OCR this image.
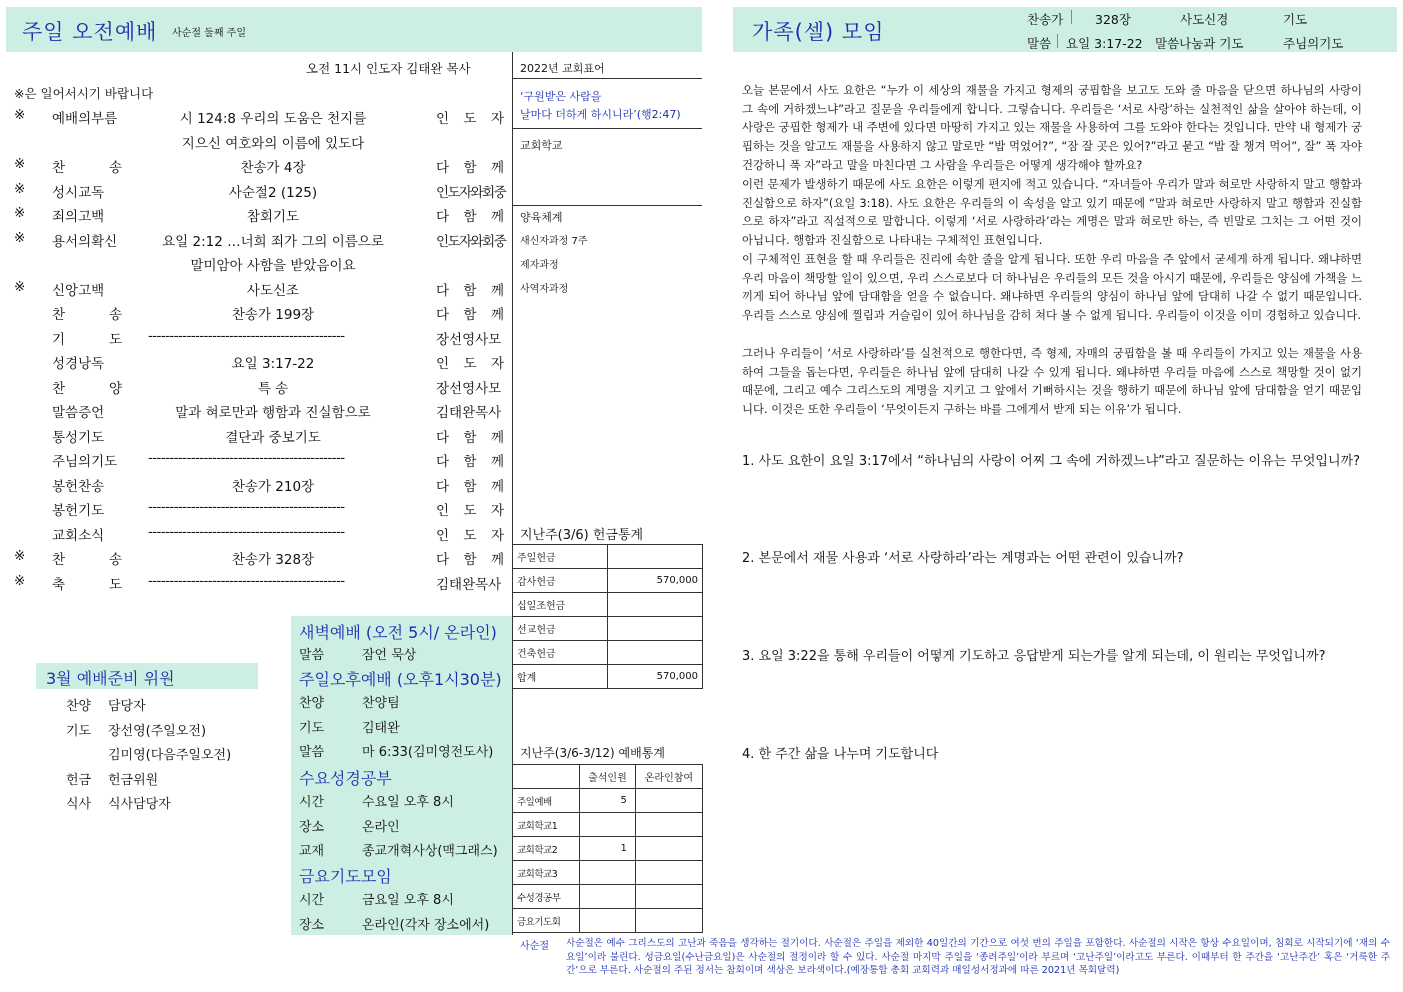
주일 오전예배 사순절 둘째 주일
오전 11시 인도자 김태완 목사
※은 일어서시기 바랍니다
※ 예배의부름	시 124:8 우리의 도움은 천지를	인 도 자
지으신 여호와의 이름에 있도다
※ 찬 송	찬송가 4장	다 함 께
※ 성시교독	사순절2 (125)	인도자와회중
※ 죄의고백	참회기도	다 함 께
※ 용서의확신	요일 2:12 …너희 죄가 그의 이름으로	인도자와회중
말미암아 사함을 받았음이요
※ 신앙고백	사도신조	다 함 께
찬 송	찬송가 199장	다 함 께
기 도 ----------------------------------------------	장선영사모
성경낭독	요일 3:17-22	인 도 자
찬 양	특 송	장선영사모
말씀증언	말과 혀로만과 행함과 진실함으로	김태완목사
통성기도	결단과 중보기도	다 함 께
주님의기도	----------------------------------------------	다 함 께
봉헌찬송	찬송가 210장	다 함 께
봉헌기도	----------------------------------------------	인 도 자
교회소식	----------------------------------------------	인 도 자
※ 찬 송	찬송가 328장	다 함 께
※ 축 도 ----------------------------------------------	김태완목사
2022년 교회표어
‘구원받은 사람을
날마다 더하게 하시니라’(행2:47)
교회학교
양육체계
새신자과정 7주
제자과정
사역자과정
지난주(3/6) 헌금통계
주일헌금	
감사헌금	570,000
십일조헌금	
선교헌금	
건축헌금	
합계	570,000
지난주(3/6-3/12) 예배통계
	출석인원	온라인참여
주일예배	5	
교회학교1		
교회학교2	1	
교회학교3		
수성경공부		
금요기도회		
새벽예배 (오전 5시/ 온라인)
말씀	잠언 묵상
주일오후예배 (오후1시30분)
찬양	찬양팀
기도	김태완
말씀	마 6:33(김미영전도사)
시간	수요일 오후 8시
장소	온라인
교재	종교개혁사상(맥그래스)
시간	금요일 오후 8시
장소	온라인(각자 장소에서)
수요성경공부
금요기도모임
3월 예배준비 위원
찬양 담당자
기도 장선영(주일오전)
김미영(다음주일오전)
헌금 헌금위원
식사 식사담당자
가족(셀) 모임
찬송가	328장	사도신경	기도
말씀 요일 3:17-22 말씀나눔과 기도	주님의기도
오늘 본문에서 사도 요한은 “누가 이 세상의 재물을 가지고 형제의 궁핍함을 보고도 도와 줄 마음을 닫으면 하나님의 사랑이 그 속에 거하겠느냐”라고 질문을 우리들에게 합니다. 그렇습니다. 우리들은 ‘서로 사랑’하는 실천적인 삶을 살아야 하는데, 이 사랑은 궁핍한 형제가 내 주변에 있다면 마땅히 가지고 있는 재물을 사용하여 그를 도와야 한다는 것입니다. 만약 내 형제가 궁핍하는 것을 알고도 재물을 사용하지 않고 말로만 “밥 먹었어?”, “잠 잘 곳은 있어?”라고 묻고 “밥 잘 챙겨 먹어”, 잘” 푹 자야 건강하니 푹 자”라고 말을 마친다면 그 사람을 우리들은 어떻게 생각해야 할까요?
이런 문제가 발생하기 때문에 사도 요한은 이렇게 편지에 적고 있습니다. “자녀들아 우리가 말과 혀로만 사랑하지 말고 행함과 진실함으로 하자”(요일 3:18). 사도 요한은 우리들의 이 속성을 알고 있기 때문에 “말과 혀로만 사랑하지 말고 행함과 진실함으로 하자”라고 직설적으로 말합니다. 이렇게 ‘서로 사랑하라’라는 계명은 말과 혀로만 하는, 즉 빈말로 그치는 그 어떤 것이 아닙니다. 행함과 진실함으로 나타내는 구체적인 표현입니다.
이 구체적인 표현을 할 때 우리들은 진리에 속한 줄을 알게 됩니다. 또한 우리 마음을 주 앞에서 굳세게 하게 됩니다. 왜냐하면 우리 마음이 책망할 일이 있으면, 우리 스스로보다 더 하나님은 우리들의 모든 것을 아시기 때문에, 우리들은 양심에 가책을 느끼게 되어 하나님 앞에 담대함을 얻을 수 없습니다. 왜냐하면 우리들의 양심이 하나님 앞에 담대히 나갈 수 없기 때문입니다. 우리들 스스로 양심에 찔림과 거슬림이 있어 하나님을 감히 쳐다 볼 수 없게 됩니다. 우리들이 이것을 이미 경험하고 있습니다.
그러나 우리들이 ‘서로 사랑하라’를 실천적으로 행한다면, 즉 형제, 자매의 궁핍함을 볼 때 우리들이 가지고 있는 재물을 사용하여 그들을 돕는다면, 우리들은 하나님 앞에 담대히 나갈 수 있게 됩니다. 왜냐하면 우리들 마음에 스스로 책망할 것이 없기 때문에, 그리고 예수 그리스도의 계명을 지키고 그 앞에서 기뻐하시는 것을 행하기 때문에 하나님 앞에 담대함을 얻기 때문입니다. 이것은 또한 우리들이 ‘무엇이든지 구하는 바를 그에게서 받게 되는 이유’가 됩니다.
1. 사도 요한이 요일 3:17에서 “하나님의 사랑이 어찌 그 속에 거하겠느냐”라고 질문하는 이유는 무엇입니까?
2. 본문에서 재물 사용과 ‘서로 사랑하라’라는 계명과는 어떤 관련이 있습니까?
3. 요일 3:22을 통해 우리들이 어떻게 기도하고 응답받게 되는가를 알게 되는데, 이 원리는 무엇입니까?
4. 한 주간 삶을 나누며 기도합니다
사순절 사순절은 예수 그리스도의 고난과 죽음을 생각하는 절기이다. 사순절은 주일을 제외한 40일간의 기간으로 여섯 번의 주일을 포함한다. 사순절의 시작은 항상 수요일이며, 침회로 시작되기에 ‘재의 수요일’이라 불린다. 성금요일(수난금요일)은 사순절의 절정이라 할 수 있다. 사순절 마지막 주일을 ‘종려주일’이라 부르며 ‘고난주일’이라고도 부른다. 이때부터 한 주간을 ‘고난주간’ 혹은 ‘거룩한 주간’으로 부른다. 사순절의 주된 정서는 참회이며 색상은 보라색이다.(예장통합 총회 교회력과 매일성서정과에 따른 2021년 목회달력)
